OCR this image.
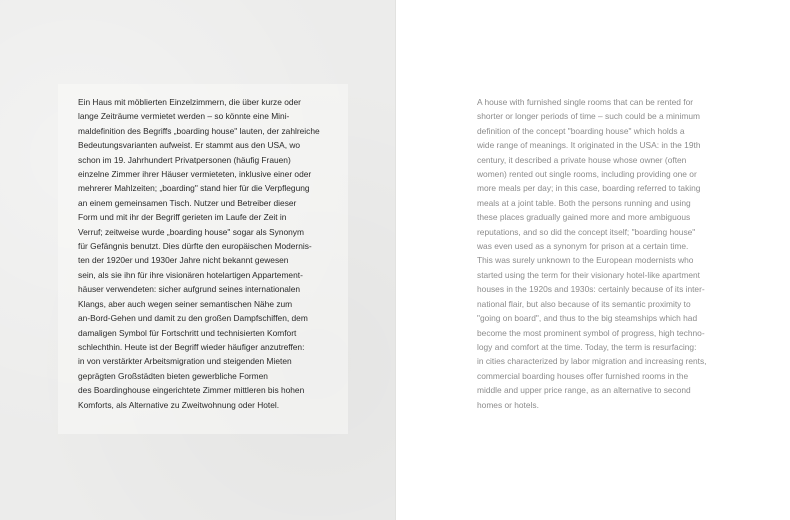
Ein Haus mit möblierten Einzelzimmern, die über kurze oder
lange Zeiträume vermietet werden – so könnte eine Mini-
maldefinition des Begriffs „boarding house" lauten, der zahlreiche
Bedeutungsvarianten aufweist. Er stammt aus den USA, wo
schon im 19. Jahrhundert Privatpersonen (häufig Frauen)
einzelne Zimmer ihrer Häuser vermieteten, inklusive einer oder
mehrerer Mahlzeiten; „boarding" stand hier für die Verpflegung
an einem gemeinsamen Tisch. Nutzer und Betreiber dieser
Form und mit ihr der Begriff gerieten im Laufe der Zeit in
Verruf; zeitweise wurde „boarding house" sogar als Synonym
für Gefängnis benutzt. Dies dürfte den europäischen Modernis-
ten der 1920er und 1930er Jahre nicht bekannt gewesen
sein, als sie ihn für ihre visionären hotelartigen Appartement-
häuser verwendeten: sicher aufgrund seines internationalen
Klangs, aber auch wegen seiner semantischen Nähe zum
an-Bord-Gehen und damit zu den großen Dampfschiffen, dem
damaligen Symbol für Fortschritt und technisierten Komfort
schlechthin. Heute ist der Begriff wieder häufiger anzutreffen:
in von verstärkter Arbeitsmigration und steigenden Mieten
geprägten Großstädten bieten gewerbliche Formen
des Boardinghouse eingerichtete Zimmer mittleren bis hohen
Komforts, als Alternative zu Zweitwohnung oder Hotel.

A house with furnished single rooms that can be rented for
shorter or longer periods of time – such could be a minimum
definition of the concept "boarding house" which holds a
wide range of meanings. It originated in the USA: in the 19th
century, it described a private house whose owner (often
women) rented out single rooms, including providing one or
more meals per day; in this case, boarding referred to taking
meals at a joint table. Both the persons running and using
these places gradually gained more and more ambiguous
reputations, and so did the concept itself; "boarding house"
was even used as a synonym for prison at a certain time.
This was surely unknown to the European modernists who
started using the term for their visionary hotel-like apartment
houses in the 1920s and 1930s: certainly because of its inter-
national flair, but also because of its semantic proximity to
"going on board", and thus to the big steamships which had
become the most prominent symbol of progress, high techno-
logy and comfort at the time. Today, the term is resurfacing:
in cities characterized by labor migration and increasing rents,
commercial boarding houses offer furnished rooms in the
middle and upper price range, as an alternative to second
homes or hotels.
